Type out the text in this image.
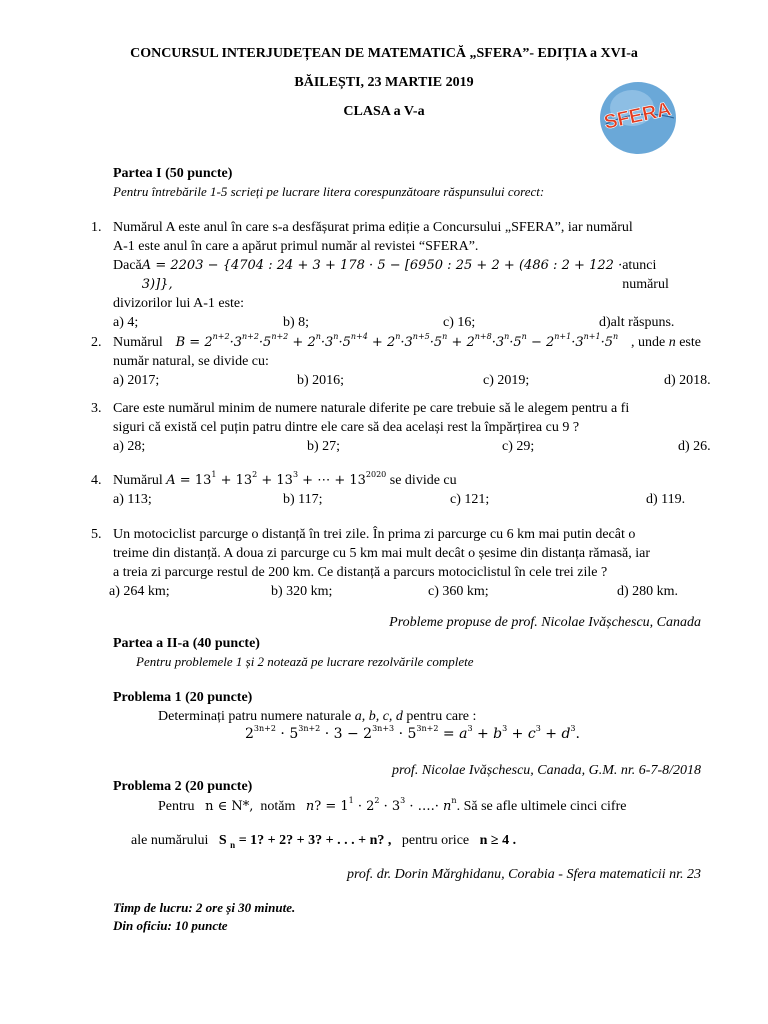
CONCURSUL INTERJUDEȚEAN DE MATEMATICĂ „SFERA”- EDIȚIA a XVI-a
BĂILEȘTI, 23 MARTIE 2019
CLASA a V-a	SFERA
Partea I (50 puncte)
Pentru întrebările 1-5 scrieți pe lucrare litera corespunzătoare răspunsului corect:
1. Numărul A este anul în care s-a desfășurat prima ediție a Concursului „SFERA”, iar numărul
A-1 este anul în care a apărut primul număr al revistei “SFERA”.
Dacă A = 2203 − {4704 : 24 + 3 + 178 · 5 − [6950 : 25 + 2 + (486 : 2 + 122 · 3)]},
atunci numărul
divizorilor lui A-1 este:
a) 4;	b) 8;	c) 16;	d)alt răspuns.
2. Numărul $B = 2^{n+2}\cdot 3^{n+2}\cdot 5^{n+2} + 2^n\cdot 3^n\cdot 5^{n+4} + 2^n\cdot 3^{n+5}\cdot 5^n + 2^{n+8}\cdot 3^n\cdot 5^n - 2^{n+1}\cdot 3^{n+1}\cdot 5^n$ , unde n este
număr natural, se divide cu:
a) 2017;	b) 2016;	c) 2019;	d) 2018.
3. Care este numărul minim de numere naturale diferite pe care trebuie să le alegem pentru a fi
siguri că există cel puțin patru dintre ele care să dea același rest la împărțirea cu 9 ?
a) 28;	b) 27;	c) 29;	d) 26.
4. Numărul $A = 13^1 + 13^2 + 13^3$ + ⋯ + $13^{2020}$ se divide cu
a) 113;	b) 117;	c) 121;	d) 119.
5. Un motociclist parcurge o distanță în trei zile. În prima zi parcurge cu 6 km mai putin decât o
treime din distanță. A doua zi parcurge cu 5 km mai mult decât o șesime din distanța rămasă, iar
a treia zi parcurge restul de 200 km. Ce distanță a parcurs motociclistul în cele trei zile ?
a) 264 km;	b) 320 km;	c) 360 km;	d) 280 km.
Probleme propuse de prof. Nicolae Ivășchescu, Canada
Partea a II-a (40 puncte)
Pentru problemele 1 și 2 notează pe lucrare rezolvările complete
Problema 1 (20 puncte)
Determinați patru numere naturale a, b, c, d pentru care :
$2^{3n+2} \cdot 5^{3n+2} \cdot 3 - 2^{3n+3} \cdot 5^{3n+2} = a^3 + b^3 + c^3 + d^3$.
prof. Nicolae Ivășchescu, Canada, G.M. nr. 6-7-8/2018
Problema 2 (20 puncte)
Pentru n ∈ N*, notăm n? = $1^1 \cdot 2^2 \cdot 3^3$ · ….· $n^n$. Să se afle ultimele cinci cifre
ale numărului S $_n$ = 1? + 2? + 3? + . . . + n? , pentru orice n ≥ 4 .
prof. dr. Dorin Mărghidanu, Corabia - Sfera matematicii nr. 23
Timp de lucru: 2 ore și 30 minute.
Din oficiu: 10 puncte
